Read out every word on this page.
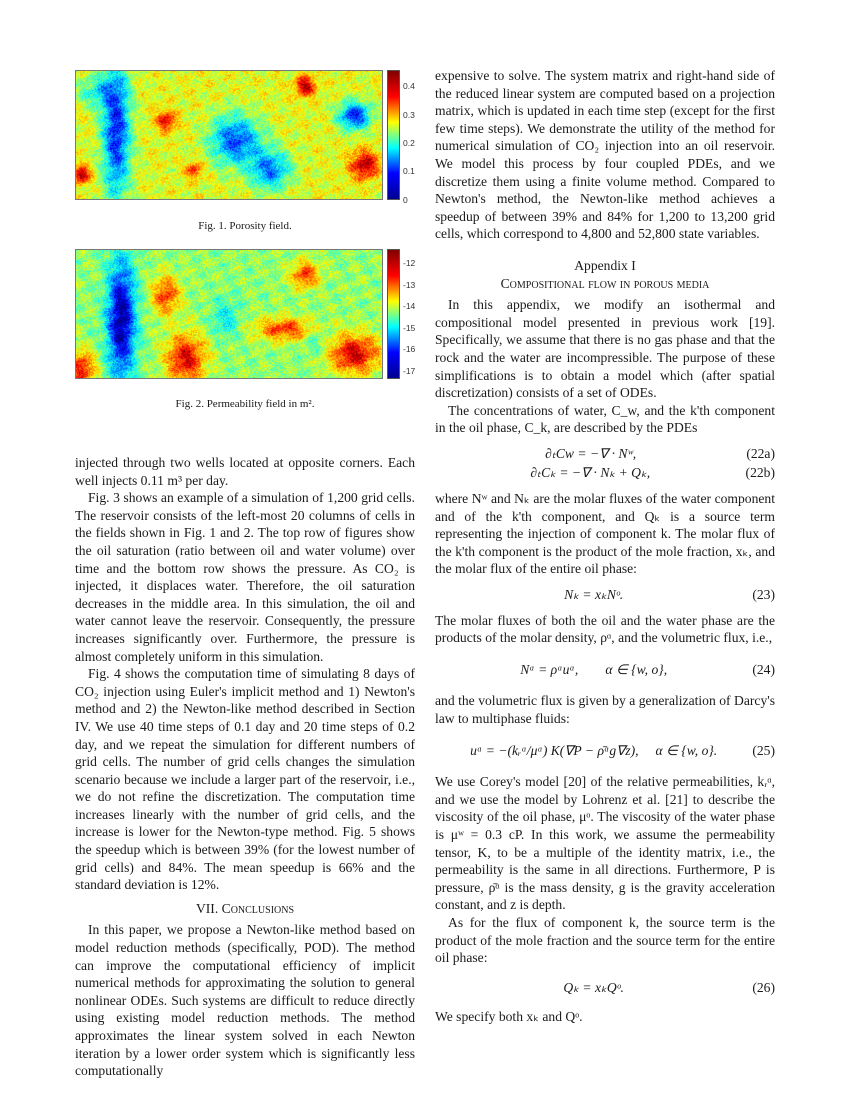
0.4
0.3
0.2
0.1
0
Fig. 1. Porosity field.
-12
-13
-14
-15
-16
-17
Fig. 2. Permeability field in m².

injected through two wells located at opposite corners. Each well injects 0.11 m³ per day.

Fig. 3 shows an example of a simulation of 1,200 grid cells. The reservoir consists of the left-most 20 columns of cells in the fields shown in Fig. 1 and 2. The top row of figures show the oil saturation (ratio between oil and water volume) over time and the bottom row shows the pressure. As CO₂ is injected, it displaces water. Therefore, the oil saturation decreases in the middle area. In this simulation, the oil and water cannot leave the reservoir. Consequently, the pressure increases significantly over. Furthermore, the pressure is almost completely uniform in this simulation.

Fig. 4 shows the computation time of simulating 8 days of CO₂ injection using Euler's implicit method and 1) Newton's method and 2) the Newton-like method described in Section IV. We use 40 time steps of 0.1 day and 20 time steps of 0.2 day, and we repeat the simulation for different numbers of grid cells. The number of grid cells changes the simulation scenario because we include a larger part of the reservoir, i.e., we do not refine the discretization. The computation time increases linearly with the number of grid cells, and the increase is lower for the Newton-type method. Fig. 5 shows the speedup which is between 39% (for the lowest number of grid cells) and 84%. The mean speedup is 66% and the standard deviation is 12%.

VII. Conclusions

In this paper, we propose a Newton-like method based on model reduction methods (specifically, POD). The method can improve the computational efficiency of implicit numerical methods for approximating the solution to general nonlinear ODEs. Such systems are difficult to reduce directly using existing model reduction methods. The method approximates the linear system solved in each Newton iteration by a lower order system which is significantly less computationally

expensive to solve. The system matrix and right-hand side of the reduced linear system are computed based on a projection matrix, which is updated in each time step (except for the first few time steps). We demonstrate the utility of the method for numerical simulation of CO₂ injection into an oil reservoir. We model this process by four coupled PDEs, and we discretize them using a finite volume method. Compared to Newton's method, the Newton-like method achieves a speedup of between 39% and 84% for 1,200 to 13,200 grid cells, which correspond to 4,800 and 52,800 state variables.

Appendix I
Compositional flow in porous media

In this appendix, we modify an isothermal and compositional model presented in previous work [19]. Specifically, we assume that there is no gas phase and that the rock and the water are incompressible. The purpose of these simplifications is to obtain a model which (after spatial discretization) consists of a set of ODEs.

The concentrations of water, C_w, and the k'th component in the oil phase, C_k, are described by the PDEs

∂ₜCw = −∇ · Nʷ,	(22a)
∂ₜCₖ = −∇ · Nₖ + Qₖ,	(22b)

where Nʷ and Nₖ are the molar fluxes of the water component and of the k'th component, and Qₖ is a source term representing the injection of component k. The molar flux of the k'th component is the product of the mole fraction, xₖ, and the molar flux of the entire oil phase:

Nₖ = xₖNᵒ.	(23)

The molar fluxes of both the oil and the water phase are the products of the molar density, ρᵅ, and the volumetric flux, i.e.,

Nᵅ = ρᵅuᵅ,        α ∈ {w, o},	(24)

and the volumetric flux is given by a generalization of Darcy's law to multiphase fluids:

uᵅ = −(kᵣᵅ/μᵅ) K(∇P − ρ̄ᵅg∇z),     α ∈ {w, o}.	(25)

We use Corey's model [20] of the relative permeabilities, kᵣᵅ, and we use the model by Lohrenz et al. [21] to describe the viscosity of the oil phase, μᵒ. The viscosity of the water phase is μʷ = 0.3 cP. In this work, we assume the permeability tensor, K, to be a multiple of the identity matrix, i.e., the permeability is the same in all directions. Furthermore, P is pressure, ρ̄ᵅ is the mass density, g is the gravity acceleration constant, and z is depth.

As for the flux of component k, the source term is the product of the mole fraction and the source term for the entire oil phase:

Qₖ = xₖQᵒ.	(26)

We specify both xₖ and Qᵒ.
